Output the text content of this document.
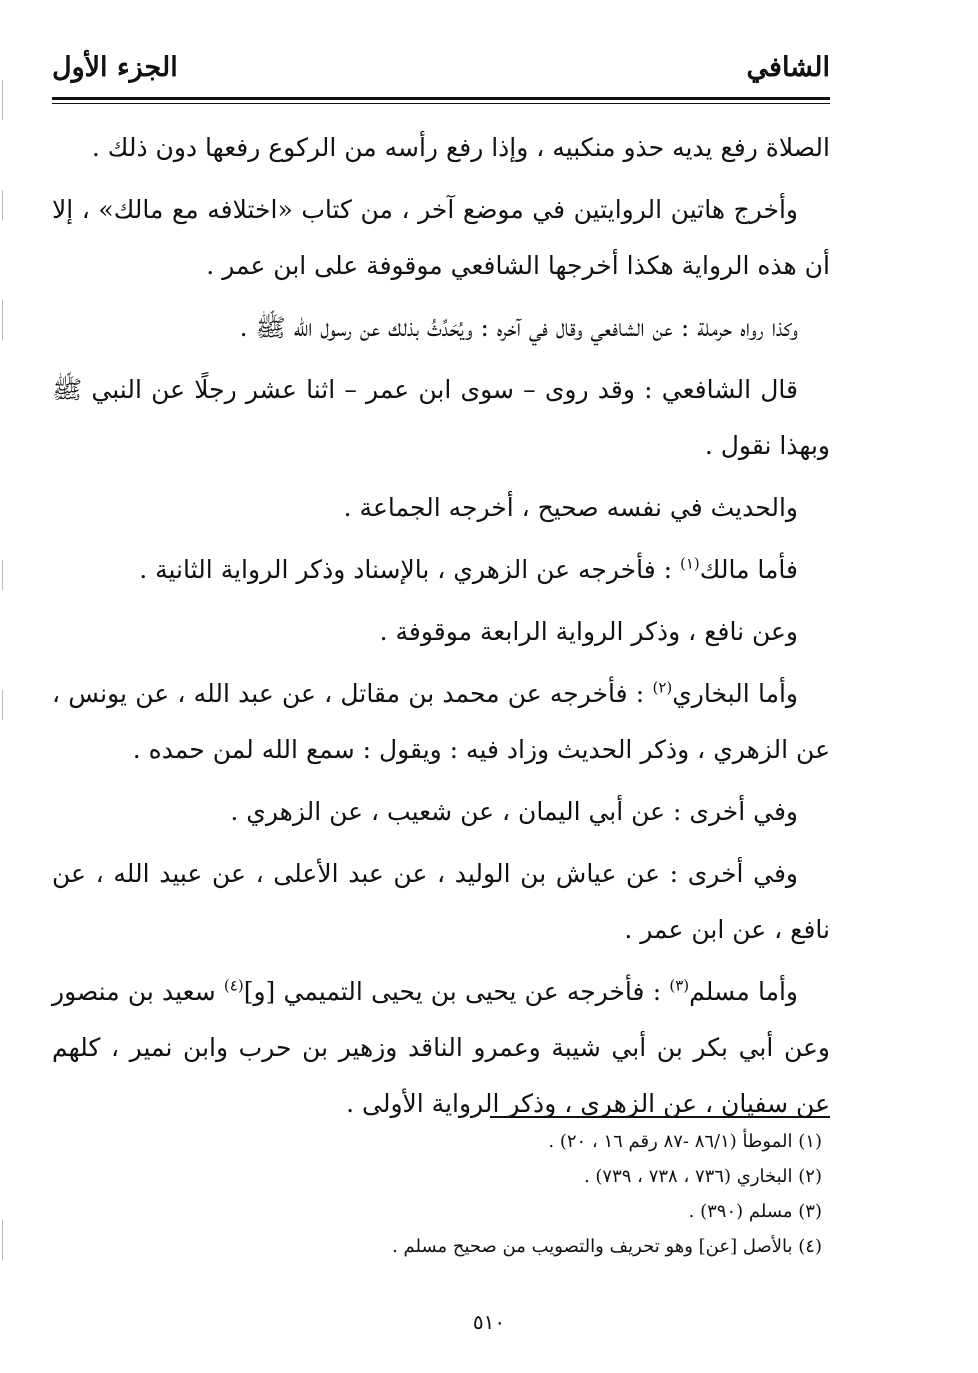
الشافي
الجزء الأول

الصلاة رفع يديه حذو منكبيه ، وإذا رفع رأسه من الركوع رفعها دون ذلك .

وأخرج هاتين الروايتين في موضع آخر ، من كتاب «اختلافه مع مالك» ، إلا أن هذه الرواية هكذا أخرجها الشافعي موقوفة على ابن عمر .

وكذا رواه حرملة : عن الشافعي وقال في آخره : ويُحَدِّثُ بذلك عن رسول الله ﷺ .

قال الشافعي : وقد روى – سوى ابن عمر – اثنا عشر رجلًا عن النبي ﷺ وبهذا نقول .

والحديث في نفسه صحيح ، أخرجه الجماعة .

فأما مالك$^{(١)}$ : فأخرجه عن الزهري ، بالإسناد وذكر الرواية الثانية .

وعن نافع ، وذكر الرواية الرابعة موقوفة .

وأما البخاري$^{(٢)}$ : فأخرجه عن محمد بن مقاتل ، عن عبد الله ، عن يونس ، عن الزهري ، وذكر الحديث وزاد فيه : ويقول : سمع الله لمن حمده .

وفي أخرى : عن أبي اليمان ، عن شعيب ، عن الزهري .

وفي أخرى : عن عياش بن الوليد ، عن عبد الأعلى ، عن عبيد الله ، عن نافع ، عن ابن عمر .

وأما مسلم$^{(٣)}$ : فأخرجه عن يحيى بن يحيى التميمي [و]$^{(٤)}$ سعيد بن منصور وعن أبي بكر بن أبي شيبة وعمرو الناقد وزهير بن حرب وابن نمير ، كلهم عن سفيان ، عن الزهري ، وذكر الرواية الأولى .

(١) الموطأ (٨٦/١ -٨٧ رقم ١٦ ، ٢٠) .

(٢) البخاري (٧٣٦ ، ٧٣٨ ، ٧٣٩) .

(٣) مسلم (٣٩٠) .

(٤) بالأصل [عن] وهو تحريف والتصويب من صحيح مسلم .

٥١٠
